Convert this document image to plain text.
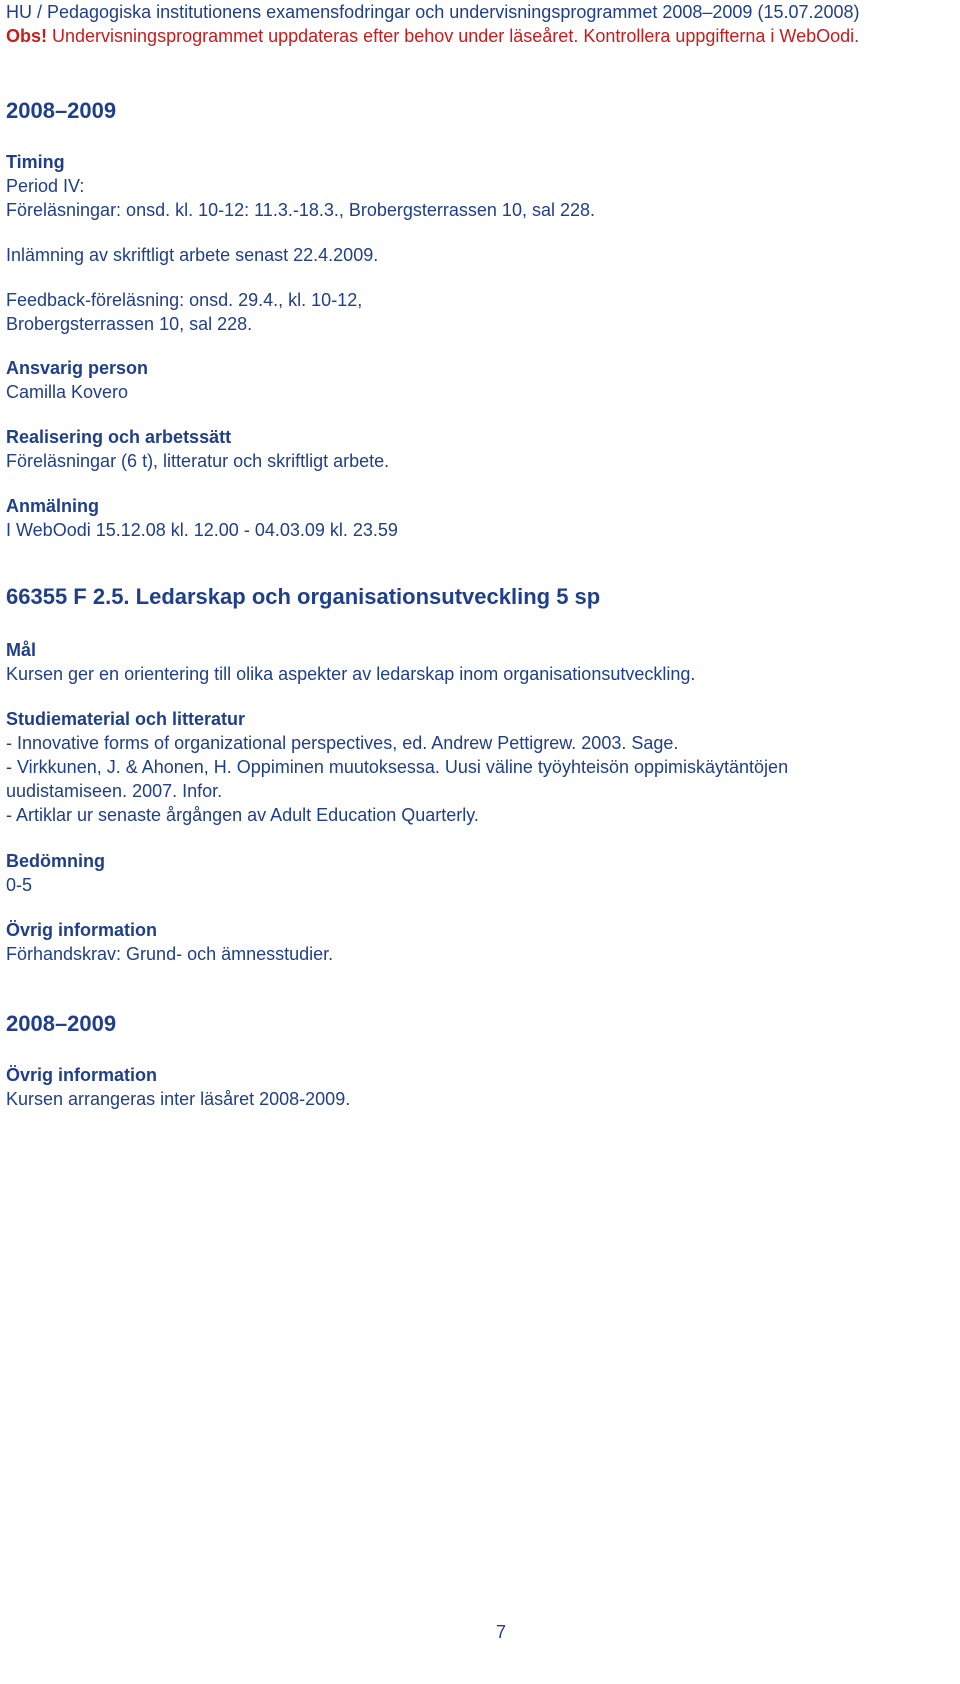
HU / Pedagogiska institutionens examensfodringar och undervisningsprogrammet 2008–2009 (15.07.2008)
Obs! Undervisningsprogrammet uppdateras efter behov under läseåret. Kontrollera uppgifterna i WebOodi.
2008–2009
Timing
Period IV:
Föreläsningar: onsd. kl. 10-12: 11.3.-18.3., Brobergsterrassen 10, sal 228.
Inlämning av skriftligt arbete senast 22.4.2009.
Feedback-föreläsning: onsd. 29.4., kl. 10-12,
Brobergsterrassen 10, sal 228.
Ansvarig person
Camilla Kovero
Realisering och arbetssätt
Föreläsningar (6 t), litteratur och skriftligt arbete.
Anmälning
I WebOodi 15.12.08 kl. 12.00 - 04.03.09 kl. 23.59
66355 F 2.5. Ledarskap och organisationsutveckling 5 sp
Mål
Kursen ger en orientering till olika aspekter av ledarskap inom organisationsutveckling.
Studiematerial och litteratur
- Innovative forms of organizational perspectives, ed. Andrew Pettigrew. 2003. Sage.
- Virkkunen, J. & Ahonen, H. Oppiminen muutoksessa. Uusi väline työyhteisön oppimiskäytäntöjen
uudistamiseen. 2007. Infor.
- Artiklar ur senaste årgången av Adult Education Quarterly.
Bedömning
0-5
Övrig information
Förhandskrav: Grund- och ämnesstudier.
2008–2009
Övrig information
Kursen arrangeras inter läsåret 2008-2009.
7
